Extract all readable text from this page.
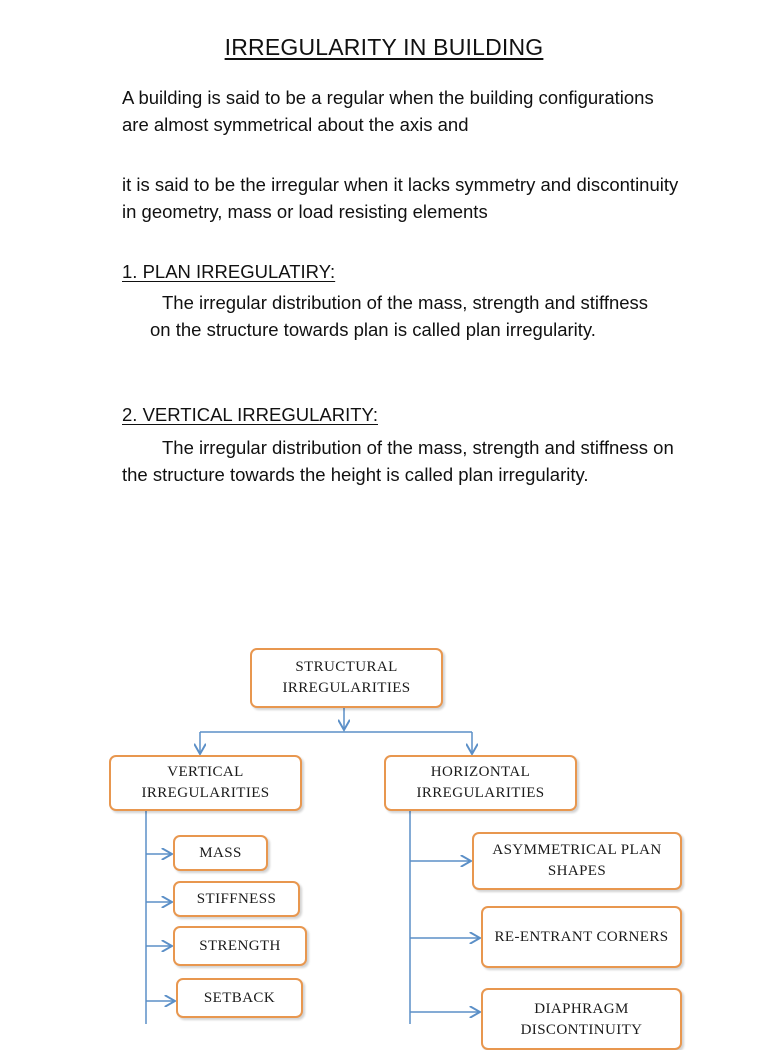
IRREGULARITY IN BUILDING

A building is said to be a regular when the building configurations are almost symmetrical about the axis and

it is said to be the irregular when it lacks symmetry and discontinuity in geometry, mass or load resisting elements

1. PLAN IRREGULATIRY:

The irregular distribution of the mass, strength and stiffness on the structure towards plan is called plan irregularity.

2. VERTICAL IRREGULARITY:

The irregular distribution of the mass, strength and stiffness on the structure towards the height is called plan irregularity.

STRUCTURAL IRREGULARITIES
VERTICAL IRREGULARITIES
HORIZONTAL IRREGULARITIES
MASS
STIFFNESS
STRENGTH
SETBACK
ASYMMETRICAL PLAN SHAPES
RE-ENTRANT CORNERS
DIAPHRAGM DISCONTINUITY
